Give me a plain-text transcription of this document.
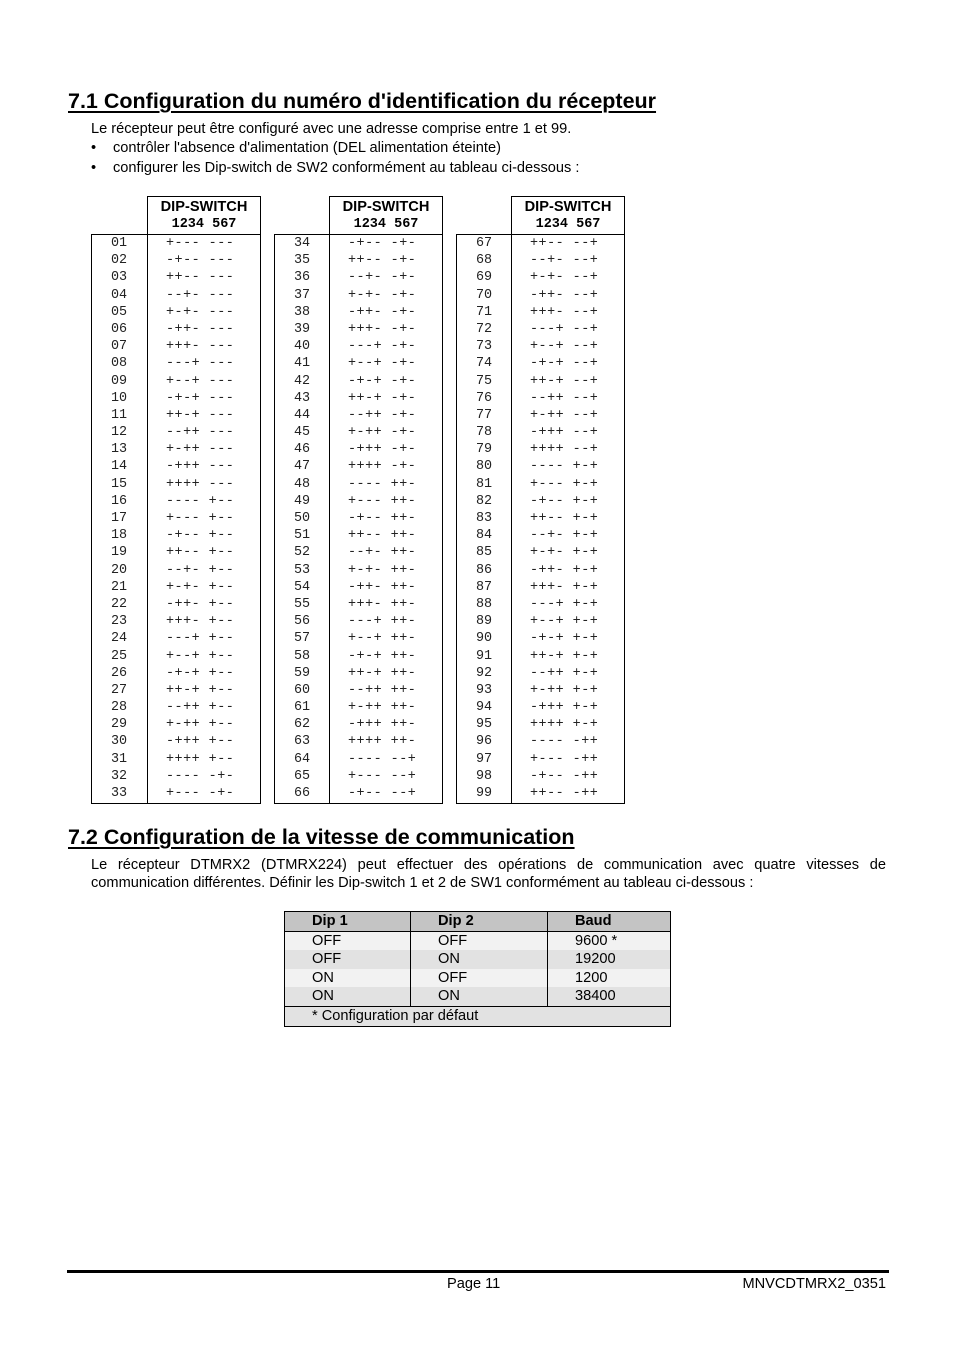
7.1 Configuration du numéro d'identification du récepteur

Le récepteur peut être configuré avec une adresse comprise entre 1 et 99.

• contrôler l'absence d'alimentation (DEL alimentation éteinte)
• configurer les Dip-switch de SW2 conformément au tableau ci-dessous :
DIP-SWITCH
1234 567
01	+--- ---
02	-+-- ---
03	++-- ---
04	--+- ---
05	+-+- ---
06	-++- ---
07	+++- ---
08	---+ ---
09	+--+ ---
10	-+-+ ---
11	++-+ ---
12	--++ ---
13	+-++ ---
14	-+++ ---
15	++++ ---
16	---- +--
17	+--- +--
18	-+-- +--
19	++-- +--
20	--+- +--
21	+-+- +--
22	-++- +--
23	+++- +--
24	---+ +--
25	+--+ +--
26	-+-+ +--
27	++-+ +--
28	--++ +--
29	+-++ +--
30	-+++ +--
31	++++ +--
32	---- -+-
33	+--- -+-
DIP-SWITCH
1234 567
34	-+-- -+-
35	++-- -+-
36	--+- -+-
37	+-+- -+-
38	-++- -+-
39	+++- -+-
40	---+ -+-
41	+--+ -+-
42	-+-+ -+-
43	++-+ -+-
44	--++ -+-
45	+-++ -+-
46	-+++ -+-
47	++++ -+-
48	---- ++-
49	+--- ++-
50	-+-- ++-
51	++-- ++-
52	--+- ++-
53	+-+- ++-
54	-++- ++-
55	+++- ++-
56	---+ ++-
57	+--+ ++-
58	-+-+ ++-
59	++-+ ++-
60	--++ ++-
61	+-++ ++-
62	-+++ ++-
63	++++ ++-
64	---- --+
65	+--- --+
66	-+-- --+
DIP-SWITCH
1234 567
67	++-- --+
68	--+- --+
69	+-+- --+
70	-++- --+
71	+++- --+
72	---+ --+
73	+--+ --+
74	-+-+ --+
75	++-+ --+
76	--++ --+
77	+-++ --+
78	-+++ --+
79	++++ --+
80	---- +-+
81	+--- +-+
82	-+-- +-+
83	++-- +-+
84	--+- +-+
85	+-+- +-+
86	-++- +-+
87	+++- +-+
88	---+ +-+
89	+--+ +-+
90	-+-+ +-+
91	++-+ +-+
92	--++ +-+
93	+-++ +-+
94	-+++ +-+
95	++++ +-+
96	---- -++
97	+--- -++
98	-+-- -++
99	++-- -++
7.2 Configuration de la vitesse de communication

Le récepteur DTMRX2 (DTMRX224) peut effectuer des opérations de communication avec quatre vitesses de communication différentes. Définir les Dip-switch 1 et 2 de SW1 conformément au tableau ci-dessous :

Dip 1	Dip 2	Baud
OFF	OFF	9600 *
OFF	ON	19200
ON	OFF	1200
ON	ON	38400
* Configuration par défaut		
Page 11	MNVCDTMRX2_0351
